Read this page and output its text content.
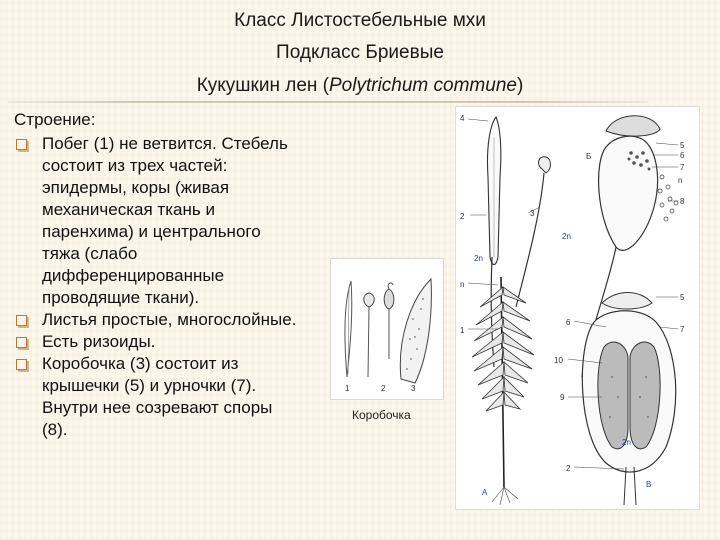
Класс Листостебельные мхи
Подкласс Бриевые
Кукушкин лен (Polytrichum commune)
Строение:
Побег (1) не ветвится. Стебель
состоит из трех частей:
эпидермы, коры (живая
механическая ткань и
паренхима) и центрального
тяжа (слабо
дифференцированные
проводящие ткани).
Листья простые, многослойные.
Есть ризоиды.
Коробочка (3) состоит из
крышечки (5) и урночки (7).
Внутри нее созревают споры
(8).
1	2	3
Коробочка
4
5
6
7
n
8
Б
2n
3
2
2n
n
1
5
6
7
10
9
2n
2
А
В
